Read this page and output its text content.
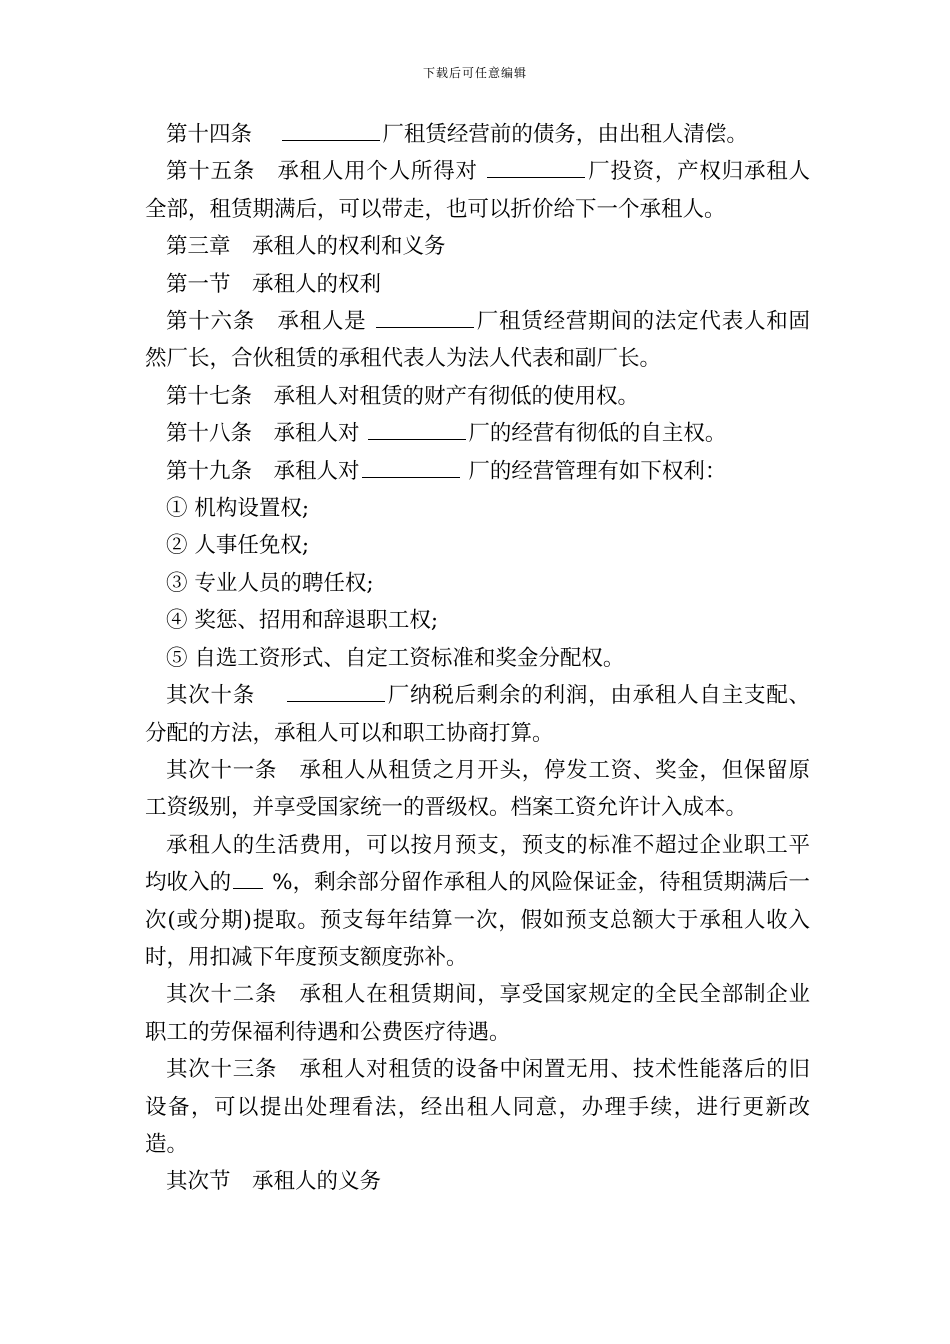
下载后可任意编辑

第十四条　	厂租赁经营前的债务，由出租人清偿。

第十五条　承租人用个人所得对	厂投资，产权归承租人全部，租赁期满后，可以带走，也可以折价给下一个承租人。

第三章　承租人的权利和义务

第一节　承租人的权利

第十六条　承租人是	厂租赁经营期间的法定代表人和固然厂长，合伙租赁的承租代表人为法人代表和副厂长。

第十七条　承租人对租赁的财产有彻低的使用权。

第十八条　承租人对	厂的经营有彻低的自主权。

第十九条　承租人对	厂的经营管理有如下权利：

① 机构设置权;

② 人事任免权;

③ 专业人员的聘任权;

④ 奖惩、招用和辞退职工权;

⑤ 自选工资形式、自定工资标准和奖金分配权。

其次十条　	厂纳税后剩余的利润，由承租人自主支配、分配的方法，承租人可以和职工协商打算。

其次十一条　承租人从租赁之月开头，停发工资、奖金，但保留原工资级别，并享受国家统一的晋级权。档案工资允许计入成本。

承租人的生活费用，可以按月预支，预支的标准不超过企业职工平均收入的 %，剩余部分留作承租人的风险保证金，待租赁期满后一次(或分期)提取。预支每年结算一次，假如预支总额大于承租人收入时，用扣减下年度预支额度弥补。

其次十二条　承租人在租赁期间，享受国家规定的全民全部制企业职工的劳保福利待遇和公费医疗待遇。

其次十三条　承租人对租赁的设备中闲置无用、技术性能落后的旧设备，可以提出处理看法，经出租人同意，办理手续，进行更新改造。

其次节　承租人的义务
